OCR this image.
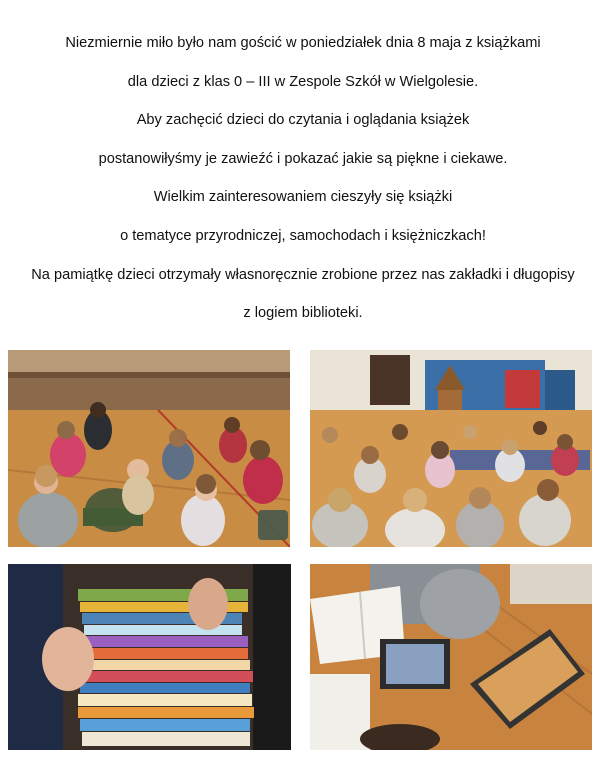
Niezmiernie miło było nam gościć w poniedziałek dnia 8 maja z książkami

dla dzieci z klas 0 – III w Zespole Szkół w Wielgolesie.

Aby zachęcić dzieci do czytania i oglądania książek

postanowiłyśmy je zawieźć i pokazać jakie są piękne i ciekawe.

Wielkim zainteresowaniem cieszyły się książki

o tematyce przyrodniczej, samochodach i księżniczkach!

Na pamiątkę dzieci otrzymały własnoręcznie zrobione przez nas zakładki i długopisy

z logiem biblioteki.
